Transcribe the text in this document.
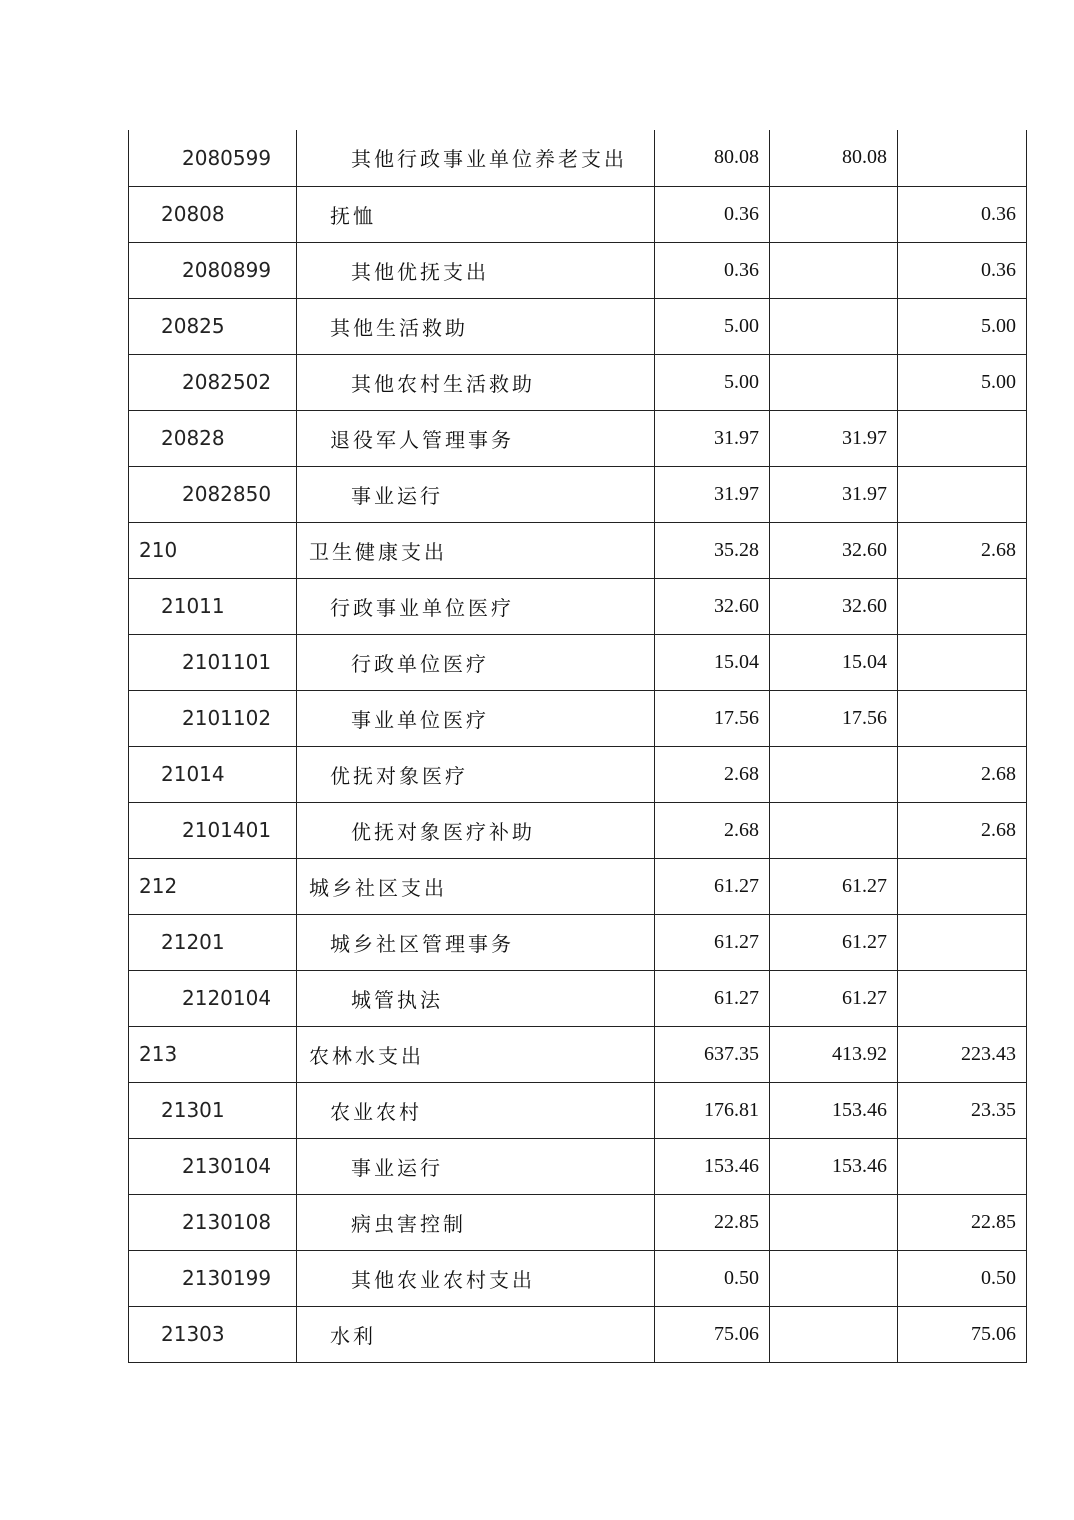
2080599	其他行政事业单位养老支出	80.08	80.08	
20808	抚恤	0.36		0.36
2080899	其他优抚支出	0.36		0.36
20825	其他生活救助	5.00		5.00
2082502	其他农村生活救助	5.00		5.00
20828	退役军人管理事务	31.97	31.97	
2082850	事业运行	31.97	31.97	
210	卫生健康支出	35.28	32.60	2.68
21011	行政事业单位医疗	32.60	32.60	
2101101	行政单位医疗	15.04	15.04	
2101102	事业单位医疗	17.56	17.56	
21014	优抚对象医疗	2.68		2.68
2101401	优抚对象医疗补助	2.68		2.68
212	城乡社区支出	61.27	61.27	
21201	城乡社区管理事务	61.27	61.27	
2120104	城管执法	61.27	61.27	
213	农林水支出	637.35	413.92	223.43
21301	农业农村	176.81	153.46	23.35
2130104	事业运行	153.46	153.46	
2130108	病虫害控制	22.85		22.85
2130199	其他农业农村支出	0.50		0.50
21303	水利	75.06		75.06
